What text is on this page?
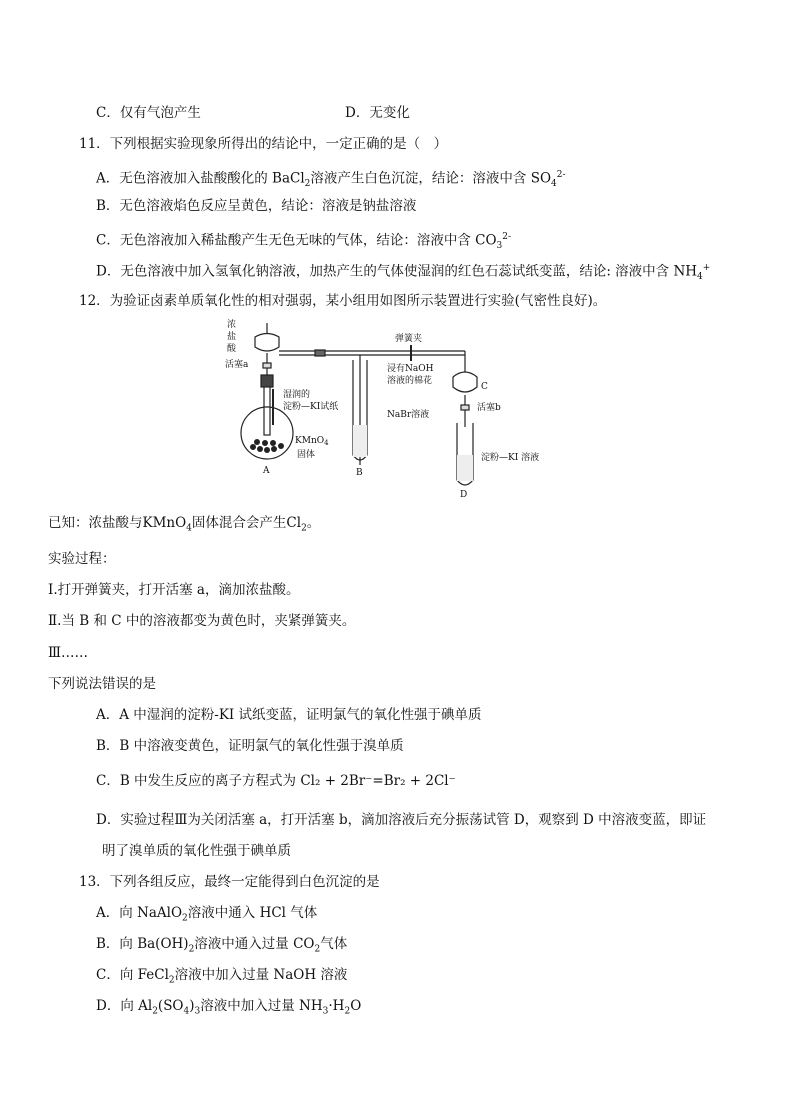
C．仅有气泡产生	D．无变化
11．下列根据实验现象所得出的结论中，一定正确的是（　）
A．无色溶液加入盐酸酸化的 BaCl$_2$溶液产生白色沉淀，结论：溶液中含 $SO_4^{2-}$
B．无色溶液焰色反应呈黄色，结论：溶液是钠盐溶液
C．无色溶液加入稀盐酸产生无色无味的气体，结论：溶液中含 $CO_3^{2-}$
D．无色溶液中加入氢氧化钠溶液，加热产生的气体使湿润的红色石蕊试纸变蓝，结论: 溶液中含 $NH_4^+$
12．为验证卤素单质氧化性的相对强弱，某小组用如图所示装置进行实验(气密性良好)。
浓
盐
酸
活塞a
湿润的
淀粉—KI试纸
KMnO$_4$
固体
A
弹簧夹
浸有NaOH
溶液的棉花
NaBr溶液
B
C
活塞b
淀粉—KI 溶液
D
已知：浓盐酸与KMnO$_4$固体混合会产生$Cl_2$。
实验过程：
Ⅰ.打开弹簧夹，打开活塞 a，滴加浓盐酸。
Ⅱ.当 B 和 C 中的溶液都变为黄色时，夹紧弹簧夹。
Ⅲ……
下列说法错误的是
A．A 中湿润的淀粉-KI 试纸变蓝，证明氯气的氧化性强于碘单质
B．B 中溶液变黄色，证明氯气的氧化性强于溴单质
C．B 中发生反应的离子方程式为 Cl₂ + 2Br⁻=Br₂ + 2Cl⁻
D．实验过程Ⅲ为关闭活塞 a，打开活塞 b，滴加溶液后充分振荡试管 D，观察到 D 中溶液变蓝，即证
明了溴单质的氧化性强于碘单质
13．下列各组反应，最终一定能得到白色沉淀的是
A．向 NaAlO$_2$溶液中通入 HCl 气体
B．向 $Ba(OH)_2$溶液中通入过量 $CO_2$气体
C．向 FeCl$_2$溶液中加入过量 NaOH 溶液
D．向 $Al_2(SO_4)_3$溶液中加入过量 $NH_3\cdot H_2O$
